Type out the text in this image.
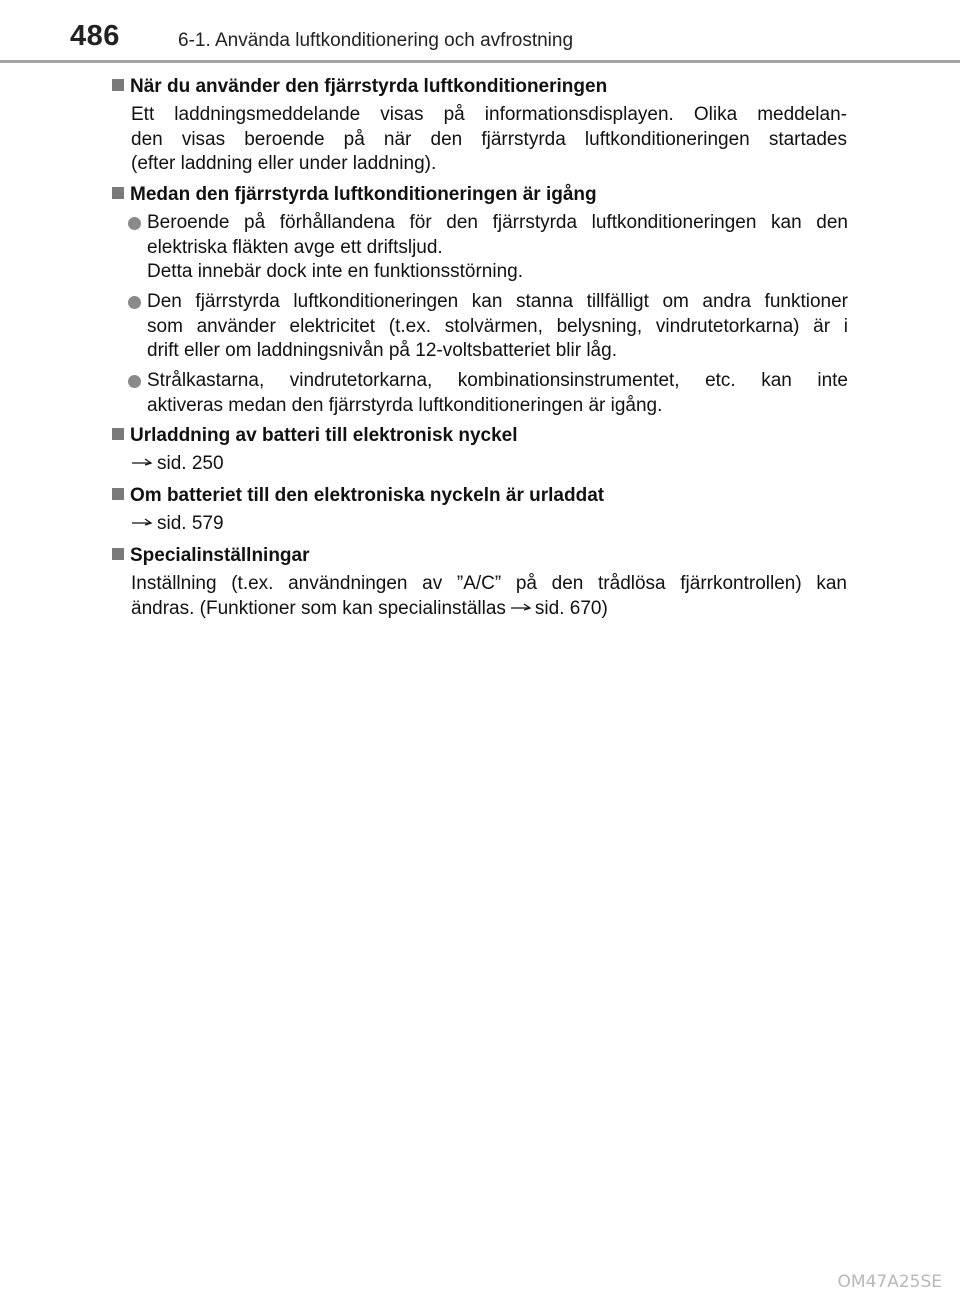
486	6-1. Använda luftkonditionering och avfrostning
När du använder den fjärrstyrda luftkonditioneringen
Ett laddningsmeddelande visas på informationsdisplayen. Olika meddelan-
den visas beroende på när den fjärrstyrda luftkonditioneringen startades
(efter laddning eller under laddning).
Medan den fjärrstyrda luftkonditioneringen är igång
Beroende på förhållandena för den fjärrstyrda luftkonditioneringen kan den
elektriska fläkten avge ett driftsljud.
Detta innebär dock inte en funktionsstörning.
Den fjärrstyrda luftkonditioneringen kan stanna tillfälligt om andra funktioner
som använder elektricitet (t.ex. stolvärmen, belysning, vindrutetorkarna) är i
drift eller om laddningsnivån på 12-voltsbatteriet blir låg.
Strålkastarna, vindrutetorkarna, kombinationsinstrumentet, etc. kan inte
aktiveras medan den fjärrstyrda luftkonditioneringen är igång.
Urladdning av batteri till elektronisk nyckel
sid. 250
Om batteriet till den elektroniska nyckeln är urladdat
sid. 579
Specialinställningar
Inställning (t.ex. användningen av ”A/C” på den trådlösa fjärrkontrollen) kan
ändras. (Funktioner som kan specialinställas sid. 670)
OM47A25SE
